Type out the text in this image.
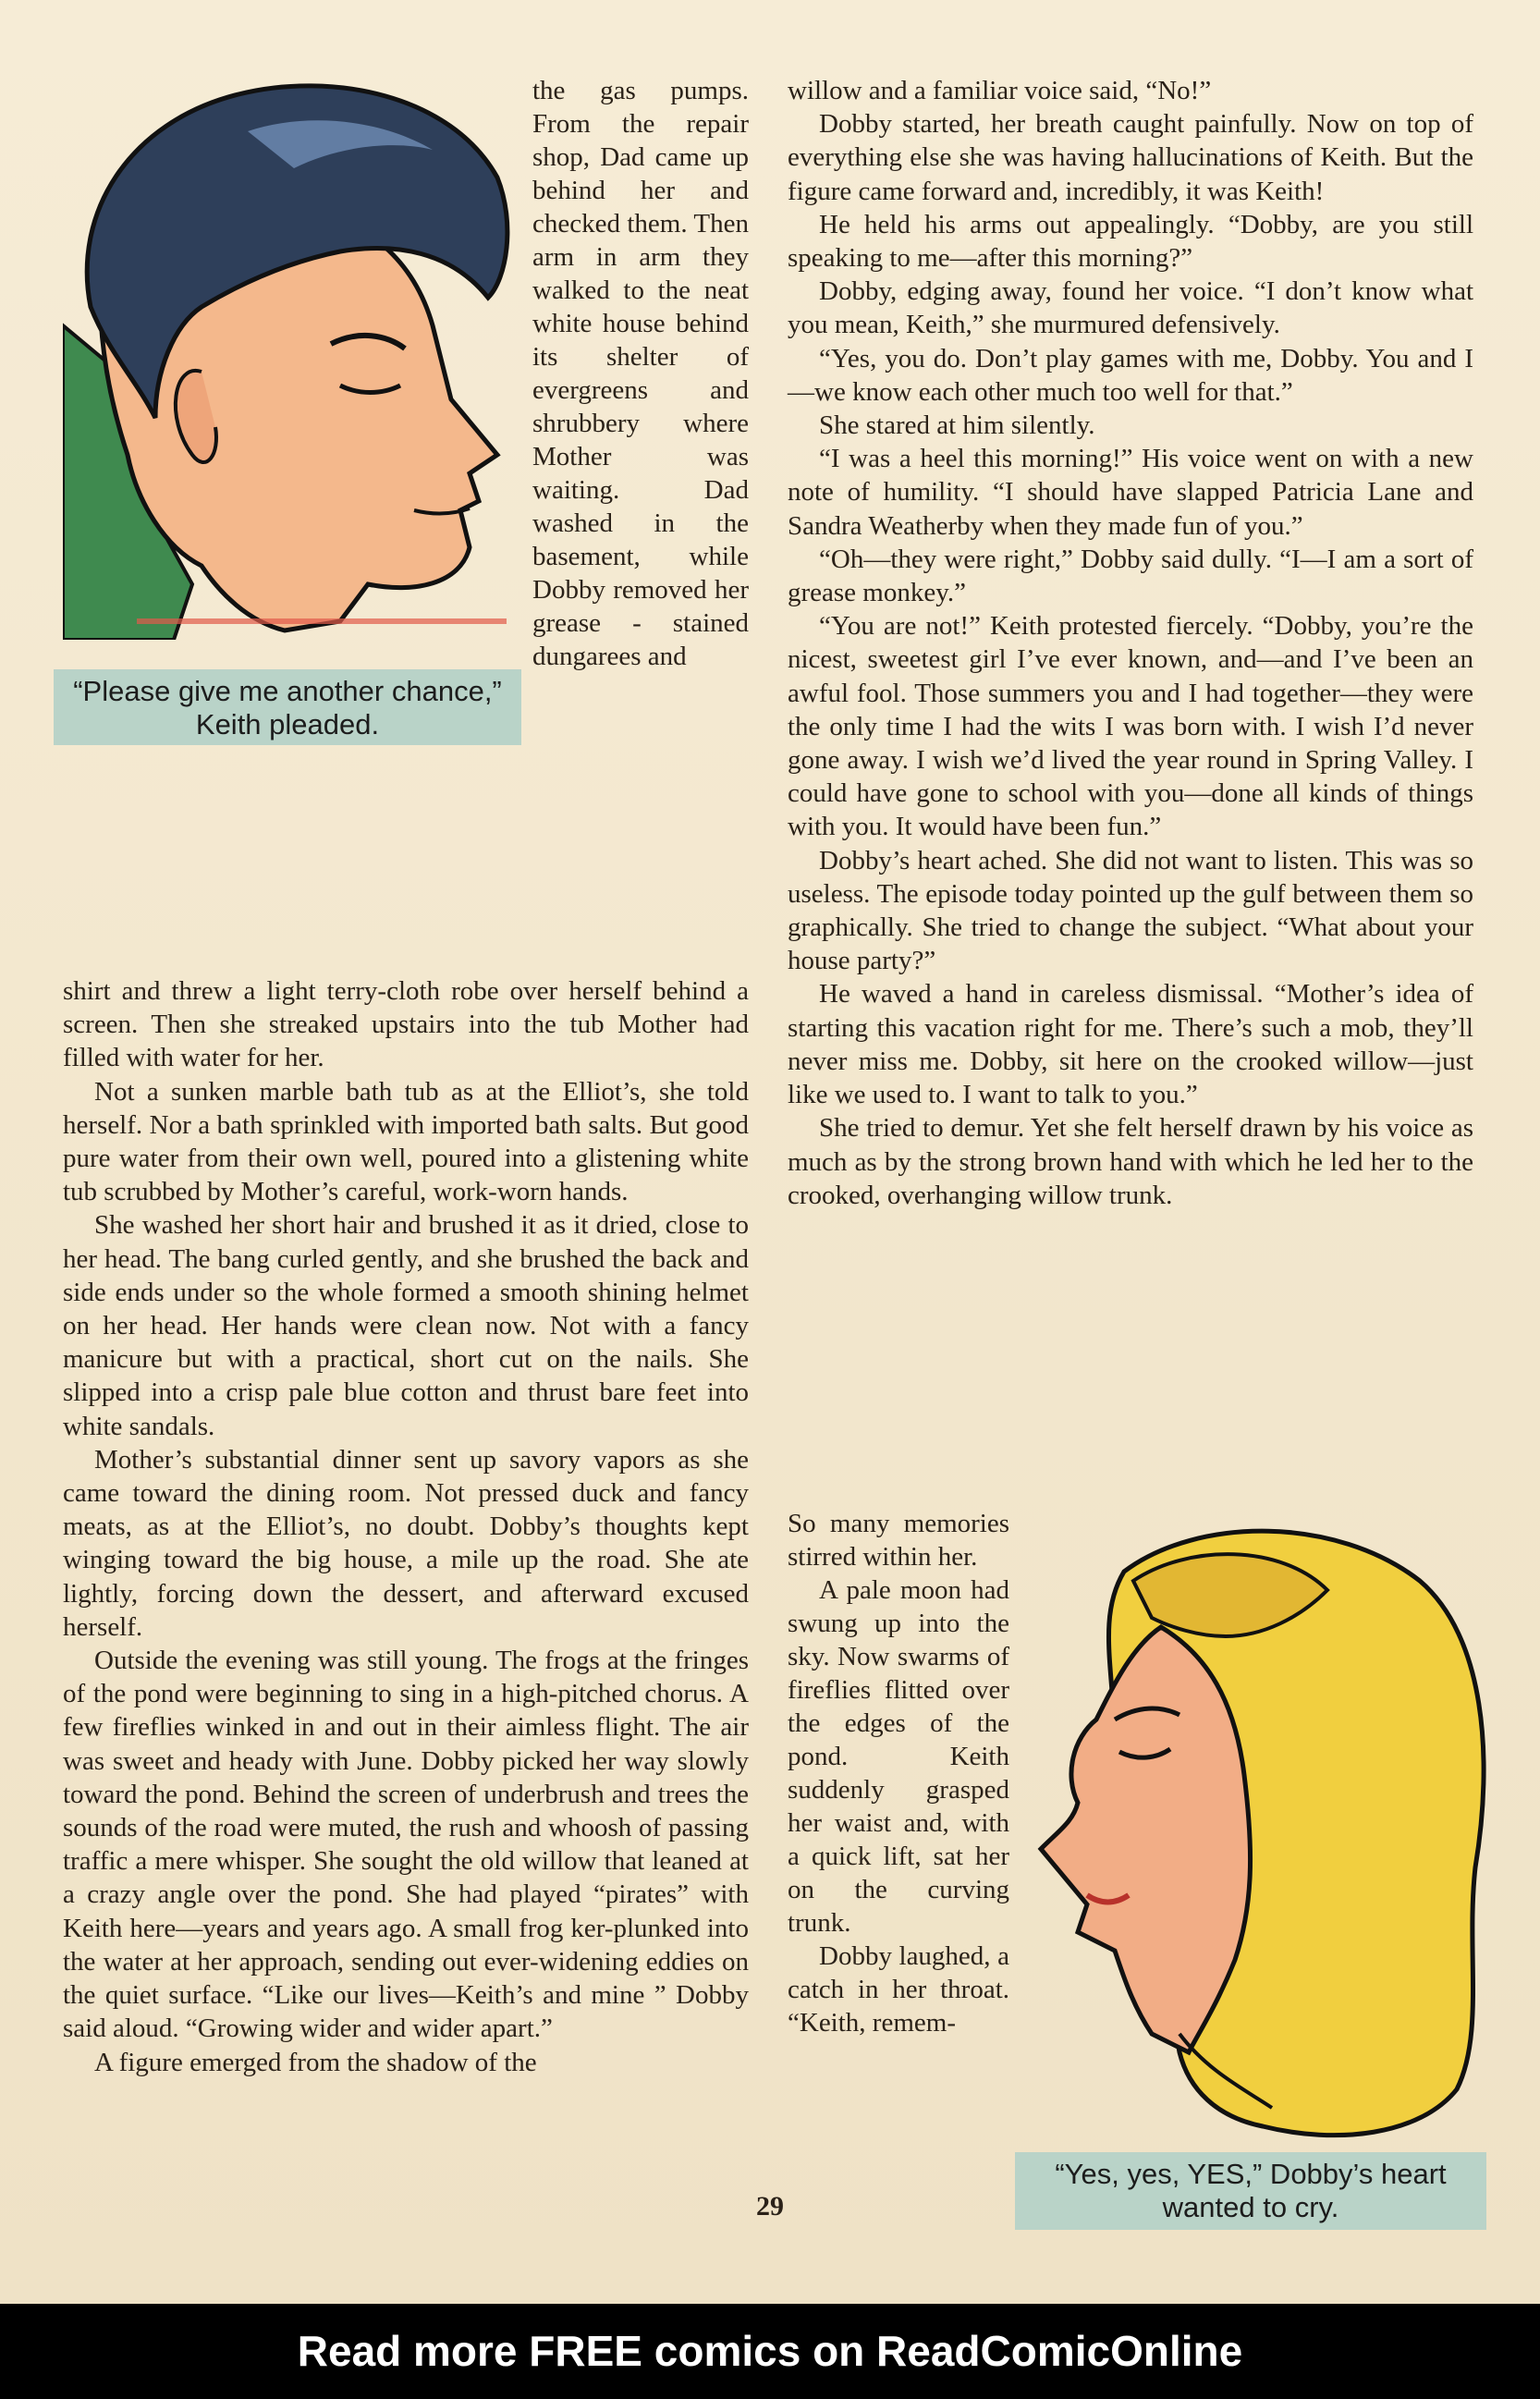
“Please give me another chance,” Keith pleaded.

the gas pumps. From the repair shop, Dad came up behind her and checked them. Then arm in arm they walked to the neat white house behind its shelter of evergreens and shrubbery where Mother was waiting. Dad washed in the basement, while Dobby removed her grease - stained dungarees and

shirt and threw a light terry-cloth robe over herself behind a screen. Then she streaked upstairs into the tub Mother had filled with water for her.

Not a sunken marble bath tub as at the Elliot’s, she told herself. Nor a bath sprinkled with imported bath salts. But good pure water from their own well, poured into a glistening white tub scrubbed by Mother’s careful, work-worn hands.

She washed her short hair and brushed it as it dried, close to her head. The bang curled gently, and she brushed the back and side ends under so the whole formed a smooth shining helmet on her head. Her hands were clean now. Not with a fancy manicure but with a practical, short cut on the nails. She slipped into a crisp pale blue cotton and thrust bare feet into white sandals.

Mother’s substantial dinner sent up savory vapors as she came toward the dining room. Not pressed duck and fancy meats, as at the Elliot’s, no doubt. Dobby’s thoughts kept winging toward the big house, a mile up the road. She ate lightly, forcing down the dessert, and afterward excused herself.

Outside the evening was still young. The frogs at the fringes of the pond were beginning to sing in a high-pitched chorus. A few fireflies winked in and out in their aimless flight. The air was sweet and heady with June. Dobby picked her way slowly toward the pond. Behind the screen of underbrush and trees the sounds of the road were muted, the rush and whoosh of passing traffic a mere whisper. She sought the old willow that leaned at a crazy angle over the pond. She had played “pirates” with Keith here—years and years ago. A small frog ker-plunked into the water at her approach, sending out ever-widening eddies on the quiet surface. “Like our lives—Keith’s and mine ” Dobby said aloud. “Growing wider and wider apart.”

A figure emerged from the shadow of the

willow and a familiar voice said, “No!”

Dobby started, her breath caught painfully. Now on top of everything else she was having hallucinations of Keith. But the figure came forward and, incredibly, it was Keith!

He held his arms out appealingly. “Dobby, are you still speaking to me—after this morning?”

Dobby, edging away, found her voice. “I don’t know what you mean, Keith,” she murmured defensively.

“Yes, you do. Don’t play games with me, Dobby. You and I—we know each other much too well for that.”

She stared at him silently.

“I was a heel this morning!” His voice went on with a new note of humility. “I should have slapped Patricia Lane and Sandra Weatherby when they made fun of you.”

“Oh—they were right,” Dobby said dully. “I—I am a sort of grease monkey.”

“You are not!” Keith protested fiercely. “Dobby, you’re the nicest, sweetest girl I’ve ever known, and—and I’ve been an awful fool. Those summers you and I had together—they were the only time I had the wits I was born with. I wish I’d never gone away. I wish we’d lived the year round in Spring Valley. I could have gone to school with you—done all kinds of things with you. It would have been fun.”

Dobby’s heart ached. She did not want to listen. This was so useless. The episode today pointed up the gulf between them so graphically. She tried to change the subject. “What about your house party?”

He waved a hand in careless dismissal. “Mother’s idea of starting this vacation right for me. There’s such a mob, they’ll never miss me. Dobby, sit here on the crooked willow—just like we used to. I want to talk to you.”

She tried to demur. Yet she felt herself drawn by his voice as much as by the strong brown hand with which he led her to the crooked, overhanging willow trunk.

So many memories stirred within her.

A pale moon had swung up into the sky. Now swarms of fireflies flitted over the edges of the pond. Keith suddenly grasped her waist and, with a quick lift, sat her on the curving trunk.

Dobby laughed, a catch in her throat. “Keith, remem-

“Yes, yes, YES,” Dobby’s heart wanted to cry.
29
Read more FREE comics on ReadComicOnline
